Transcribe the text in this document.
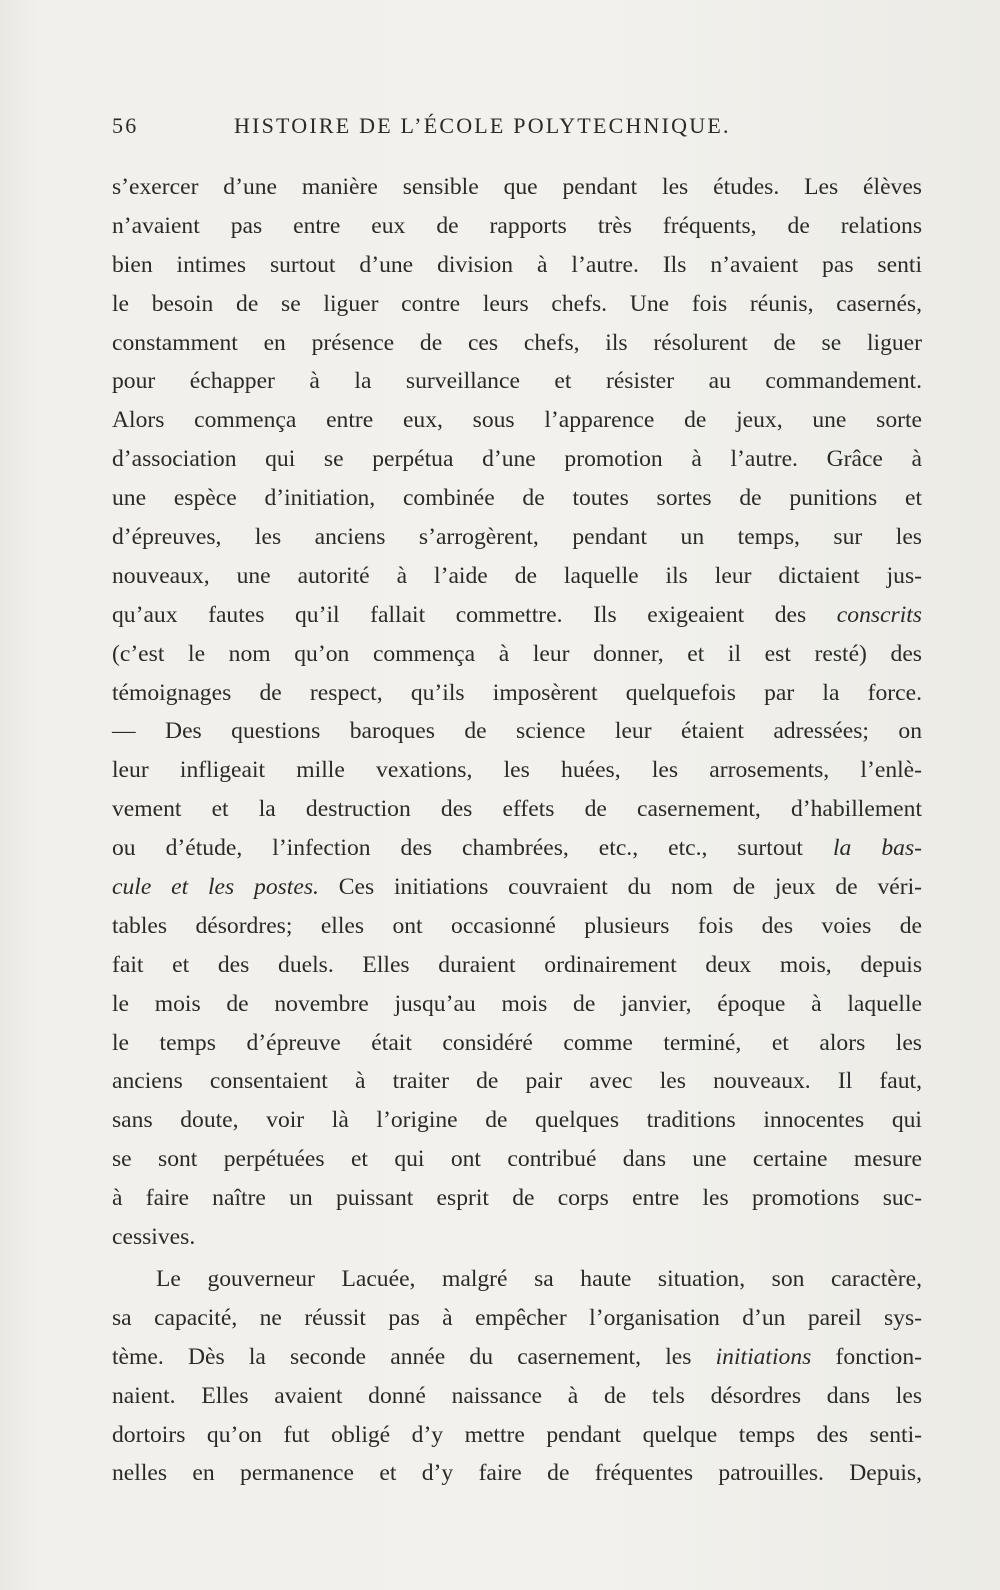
56	HISTOIRE DE L’ÉCOLE POLYTECHNIQUE.
s’exercer d’une manière sensible que pendant les études. Les élèves
n’avaient pas entre eux de rapports très fréquents, de relations
bien intimes surtout d’une division à l’autre. Ils n’avaient pas senti
le besoin de se liguer contre leurs chefs. Une fois réunis, casernés,
constamment en présence de ces chefs, ils résolurent de se liguer
pour échapper à la surveillance et résister au commandement.
Alors commença entre eux, sous l’apparence de jeux, une sorte
d’association qui se perpétua d’une promotion à l’autre. Grâce à
une espèce d’initiation, combinée de toutes sortes de punitions et
d’épreuves, les anciens s’arrogèrent, pendant un temps, sur les
nouveaux, une autorité à l’aide de laquelle ils leur dictaient jus-
qu’aux fautes qu’il fallait commettre. Ils exigeaient des conscrits
(c’est le nom qu’on commença à leur donner, et il est resté) des
témoignages de respect, qu’ils imposèrent quelquefois par la force.
— Des questions baroques de science leur étaient adressées; on
leur infligeait mille vexations, les huées, les arrosements, l’enlè-
vement et la destruction des effets de casernement, d’habillement
ou d’étude, l’infection des chambrées, etc., etc., surtout la bas-
cule et les postes. Ces initiations couvraient du nom de jeux de véri-
tables désordres; elles ont occasionné plusieurs fois des voies de
fait et des duels. Elles duraient ordinairement deux mois, depuis
le mois de novembre jusqu’au mois de janvier, époque à laquelle
le temps d’épreuve était considéré comme terminé, et alors les
anciens consentaient à traiter de pair avec les nouveaux. Il faut,
sans doute, voir là l’origine de quelques traditions innocentes qui
se sont perpétuées et qui ont contribué dans une certaine mesure
à faire naître un puissant esprit de corps entre les promotions suc-
cessives.
Le gouverneur Lacuée, malgré sa haute situation, son caractère,
sa capacité, ne réussit pas à empêcher l’organisation d’un pareil sys-
tème. Dès la seconde année du casernement, les initiations fonction-
naient. Elles avaient donné naissance à de tels désordres dans les
dortoirs qu’on fut obligé d’y mettre pendant quelque temps des senti-
nelles en permanence et d’y faire de fréquentes patrouilles. Depuis,
